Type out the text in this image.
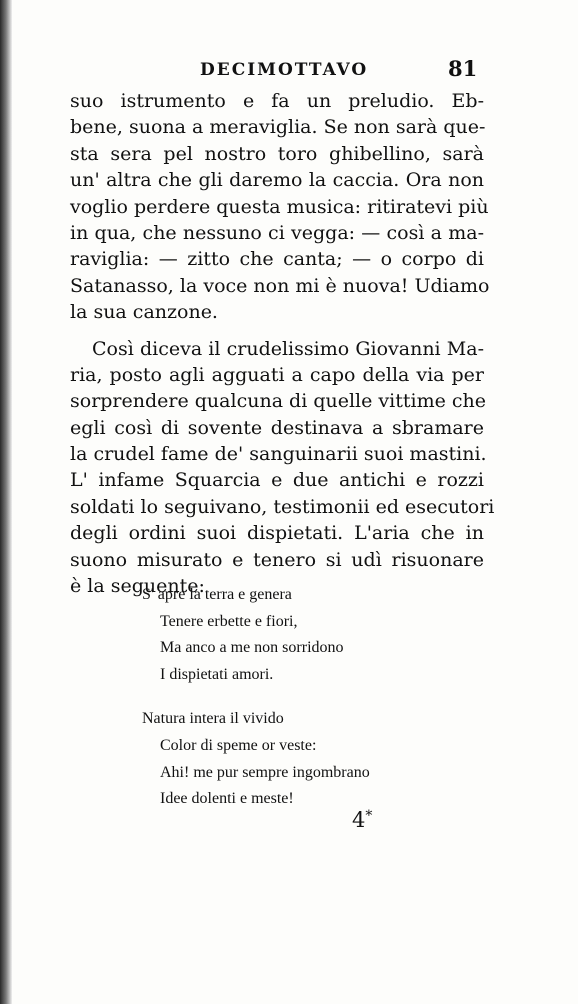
DECIMOTTAVO	81
suo istrumento e fa un preludio. Eb-
bene, suona a meraviglia. Se non sarà que-
sta sera pel nostro toro ghibellino, sarà
un' altra che gli daremo la caccia. Ora non
voglio perdere questa musica: ritiratevi più
in qua, che nessuno ci vegga: — così a ma-
raviglia: — zitto che canta; — o corpo di
Satanasso, la voce non mi è nuova! Udiamo
la sua canzone.
Così diceva il crudelissimo Giovanni Ma-
ria, posto agli agguati a capo della via per
sorprendere qualcuna di quelle vittime che
egli così di sovente destinava a sbramare
la crudel fame de' sanguinarii suoi mastini.
L' infame Squarcia e due antichi e rozzi
soldati lo seguivano, testimonii ed esecutori
degli ordini suoi dispietati. L'aria che in
suono misurato e tenero si udì risuonare
è la seguente:
S' apre la terra e genera
Tenere erbette e fiori,
Ma anco a me non sorridono
I dispietati amori.
Natura intera il vivido
Color di speme or veste:
Ahi! me pur sempre ingombrano
Idee dolenti e meste!
4*
